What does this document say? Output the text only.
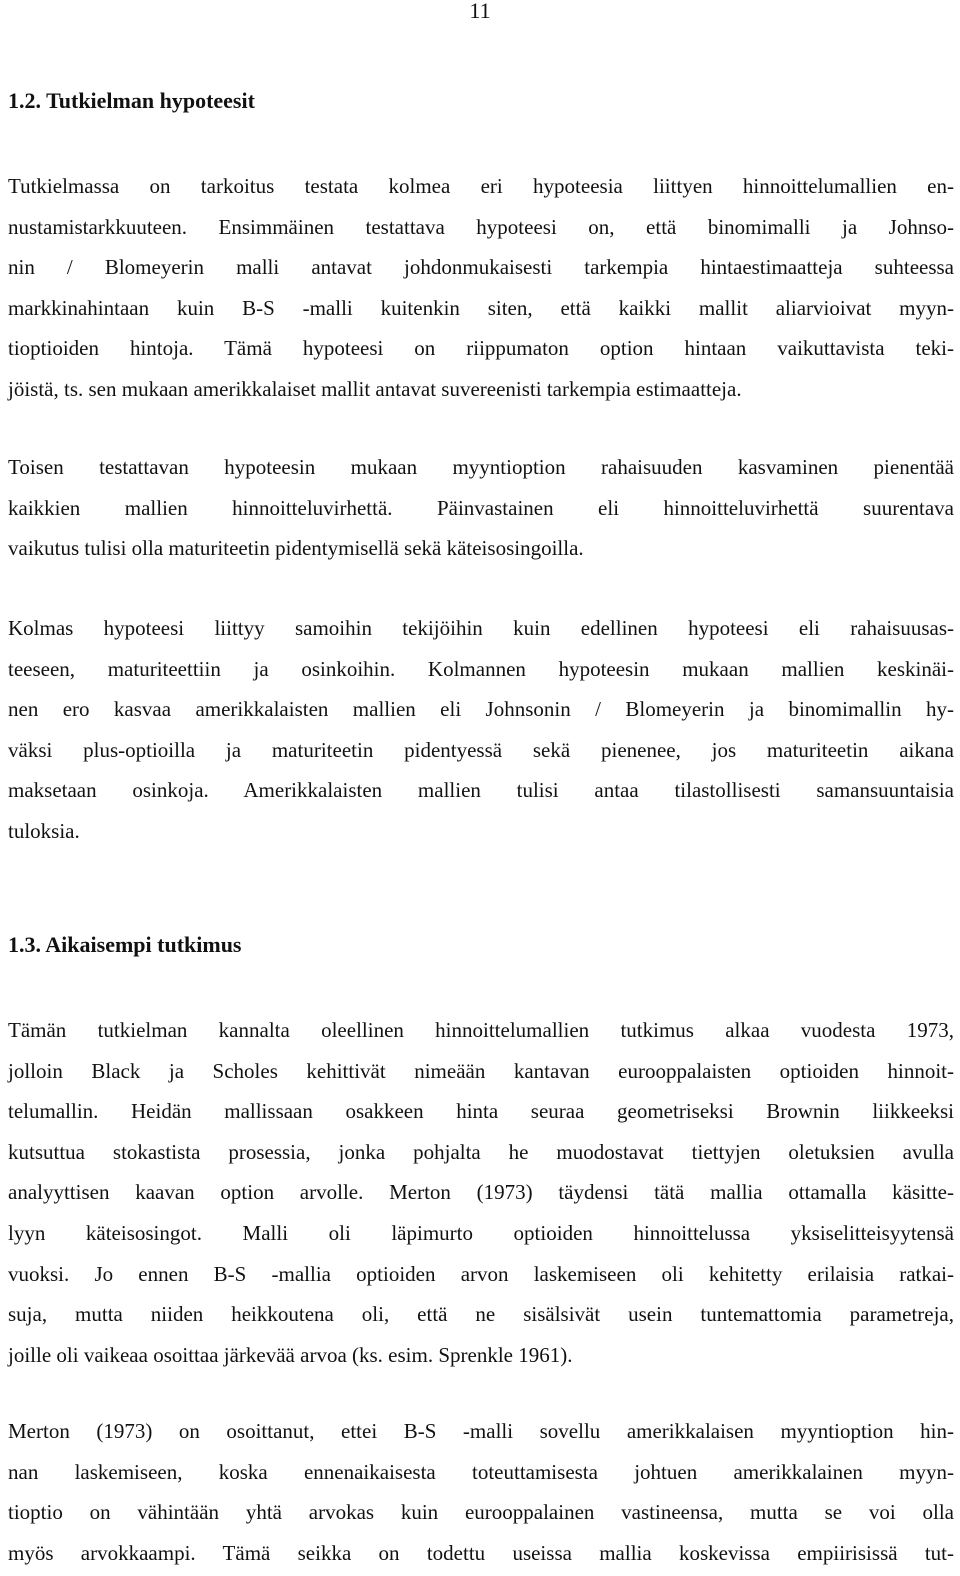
11
1.2. Tutkielman hypoteesit
Tutkielmassa on tarkoitus testata kolmea eri hypoteesia liittyen hinnoittelumallien en-
nustamistarkkuuteen. Ensimmäinen testattava hypoteesi on, että binomimalli ja Johnso-
nin / Blomeyerin malli antavat johdonmukaisesti tarkempia hintaestimaatteja suhteessa
markkinahintaan kuin B-S -malli kuitenkin siten, että kaikki mallit aliarvioivat myyn-
tioptioiden hintoja. Tämä hypoteesi on riippumaton option hintaan vaikuttavista teki-
jöistä, ts. sen mukaan amerikkalaiset mallit antavat suvereenisti tarkempia estimaatteja.
Toisen testattavan hypoteesin mukaan myyntioption rahaisuuden kasvaminen pienentää
kaikkien mallien hinnoitteluvirhettä. Päinvastainen eli hinnoitteluvirhettä suurentava
vaikutus tulisi olla maturiteetin pidentymisellä sekä käteisosingoilla.
Kolmas hypoteesi liittyy samoihin tekijöihin kuin edellinen hypoteesi eli rahaisuusas-
teeseen, maturiteettiin ja osinkoihin. Kolmannen hypoteesin mukaan mallien keskinäi-
nen ero kasvaa amerikkalaisten mallien eli Johnsonin / Blomeyerin ja binomimallin hy-
väksi plus-optioilla ja maturiteetin pidentyessä sekä pienenee, jos maturiteetin aikana
maksetaan osinkoja. Amerikkalaisten mallien tulisi antaa tilastollisesti samansuuntaisia
tuloksia.
1.3. Aikaisempi tutkimus
Tämän tutkielman kannalta oleellinen hinnoittelumallien tutkimus alkaa vuodesta 1973,
jolloin Black ja Scholes kehittivät nimeään kantavan eurooppalaisten optioiden hinnoit-
telumallin. Heidän mallissaan osakkeen hinta seuraa geometriseksi Brownin liikkeeksi
kutsuttua stokastista prosessia, jonka pohjalta he muodostavat tiettyjen oletuksien avulla
analyyttisen kaavan option arvolle. Merton (1973) täydensi tätä mallia ottamalla käsitte-
lyyn käteisosingot. Malli oli läpimurto optioiden hinnoittelussa yksiselitteisyytensä
vuoksi. Jo ennen B-S -mallia optioiden arvon laskemiseen oli kehitetty erilaisia ratkai-
suja, mutta niiden heikkoutena oli, että ne sisälsivät usein tuntemattomia parametreja,
joille oli vaikeaa osoittaa järkevää arvoa (ks. esim. Sprenkle 1961).
Merton (1973) on osoittanut, ettei B-S -malli sovellu amerikkalaisen myyntioption hin-
nan laskemiseen, koska ennenaikaisesta toteuttamisesta johtuen amerikkalainen myyn-
tioptio on vähintään yhtä arvokas kuin eurooppalainen vastineensa, mutta se voi olla
myös arvokkaampi. Tämä seikka on todettu useissa mallia koskevissa empiirisissä tut-
